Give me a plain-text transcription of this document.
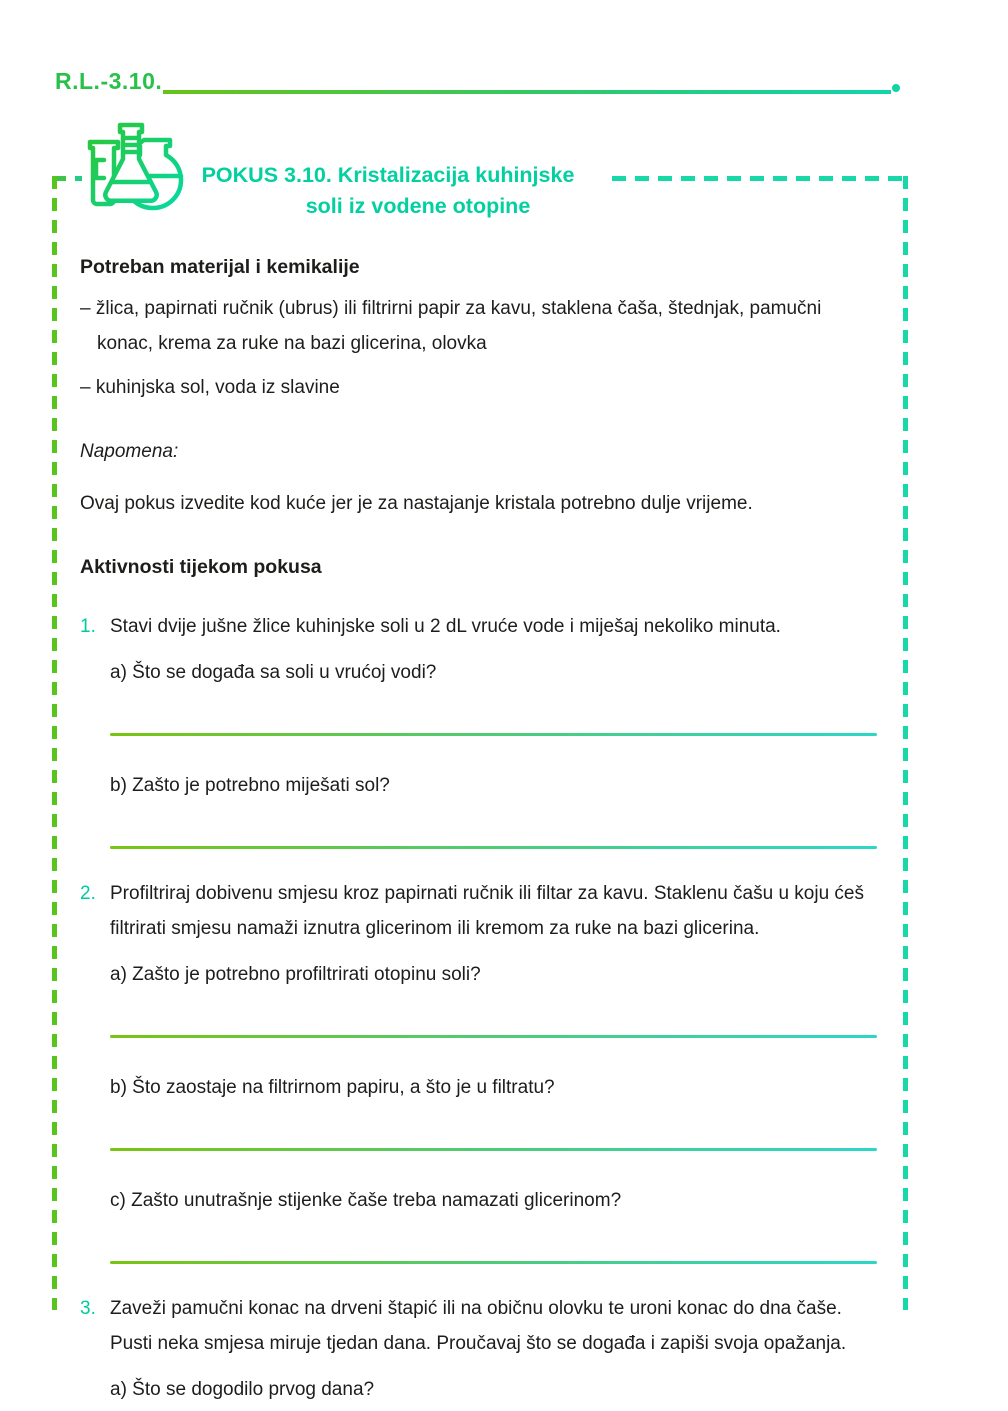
R.L.-3.10.
POKUS 3.10. Kristalizacija kuhinjske
soli iz vodene otopine
Potreban materijal i kemikalije

– žlica, papirnati ručnik (ubrus) ili filtrirni papir za kavu, staklena čaša, štednjak, pamučni konac, krema za ruke na bazi glicerina, olovka

– kuhinjska sol, voda iz slavine

Napomena:

Ovaj pokus izvedite kod kuće jer je za nastajanje kristala potrebno dulje vrijeme.

Aktivnosti tijekom pokusa
1. Stavi dvije jušne žlice kuhinjske soli u 2 dL vruće vode i miješaj nekoliko minuta.

a) Što se događa sa soli u vrućoj vodi?

b) Zašto je potrebno miješati sol?

2. Profiltriraj dobivenu smjesu kroz papirnati ručnik ili filtar za kavu. Staklenu čašu u koju ćeš filtrirati smjesu namaži iznutra glicerinom ili kremom za ruke na bazi glicerina.

a) Zašto je potrebno profiltrirati otopinu soli?

b) Što zaostaje na filtrirnom papiru, a što je u filtratu?

c) Zašto unutrašnje stijenke čaše treba namazati glicerinom?

3. Zaveži pamučni konac na drveni štapić ili na običnu olovku te uroni konac do dna čaše. Pusti neka smjesa miruje tjedan dana. Proučavaj što se događa i zapiši svoja opažanja.

a) Što se dogodilo prvog dana?
